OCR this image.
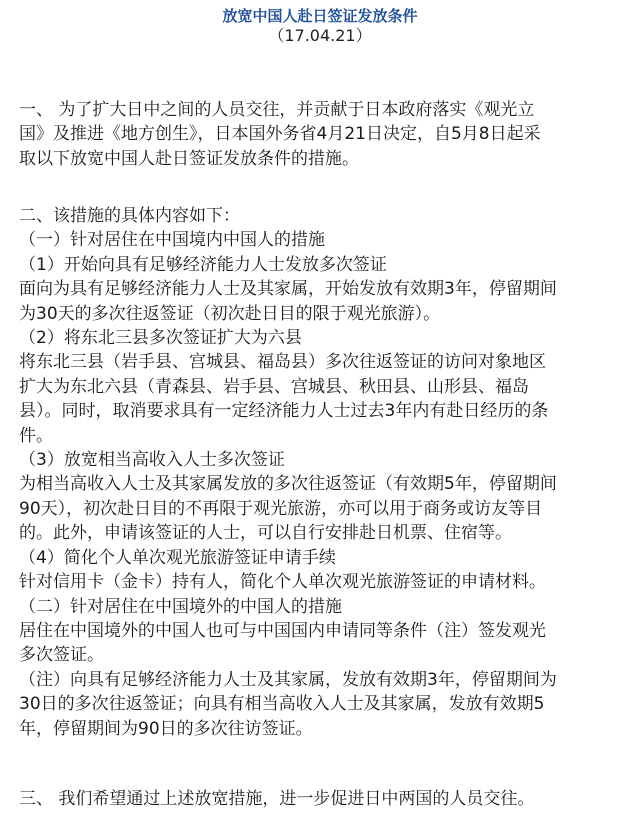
放宽中国人赴日签证发放条件
（17.04.21）
一、 为了扩大日中之间的人员交往，并贡献于日本政府落实《观光立
国》及推进《地方创生》，日本国外务省4月21日决定，自5月8日起采
取以下放宽中国人赴日签证发放条件的措施。
二、该措施的具体内容如下：
（一）针对居住在中国境内中国人的措施
（1）开始向具有足够经济能力人士发放多次签证
面向为具有足够经济能力人士及其家属，开始发放有效期3年，停留期间
为30天的多次往返签证（初次赴日目的限于观光旅游）。
（2）将东北三县多次签证扩大为六县
将东北三县（岩手县、宫城县、福岛县）多次往返签证的访问对象地区
扩大为东北六县（青森县、岩手县、宫城县、秋田县、山形县、福岛
县）。同时，取消要求具有一定经济能力人士过去3年内有赴日经历的条
件。
（3）放宽相当高收入人士多次签证
为相当高收入人士及其家属发放的多次往返签证（有效期5年，停留期间
90天），初次赴日目的不再限于观光旅游，亦可以用于商务或访友等目
的。此外，申请该签证的人士，可以自行安排赴日机票、住宿等。
（4）简化个人单次观光旅游签证申请手续
针对信用卡（金卡）持有人，简化个人单次观光旅游签证的申请材料。
（二）针对居住在中国境外的中国人的措施
居住在中国境外的中国人也可与中国国内申请同等条件（注）签发观光
多次签证。
（注）向具有足够经济能力人士及其家属，发放有效期3年，停留期间为
30日的多次往返签证；向具有相当高收入人士及其家属，发放有效期5
年，停留期间为90日的多次往访签证。
三、 我们希望通过上述放宽措施，进一步促进日中两国的人员交往。
